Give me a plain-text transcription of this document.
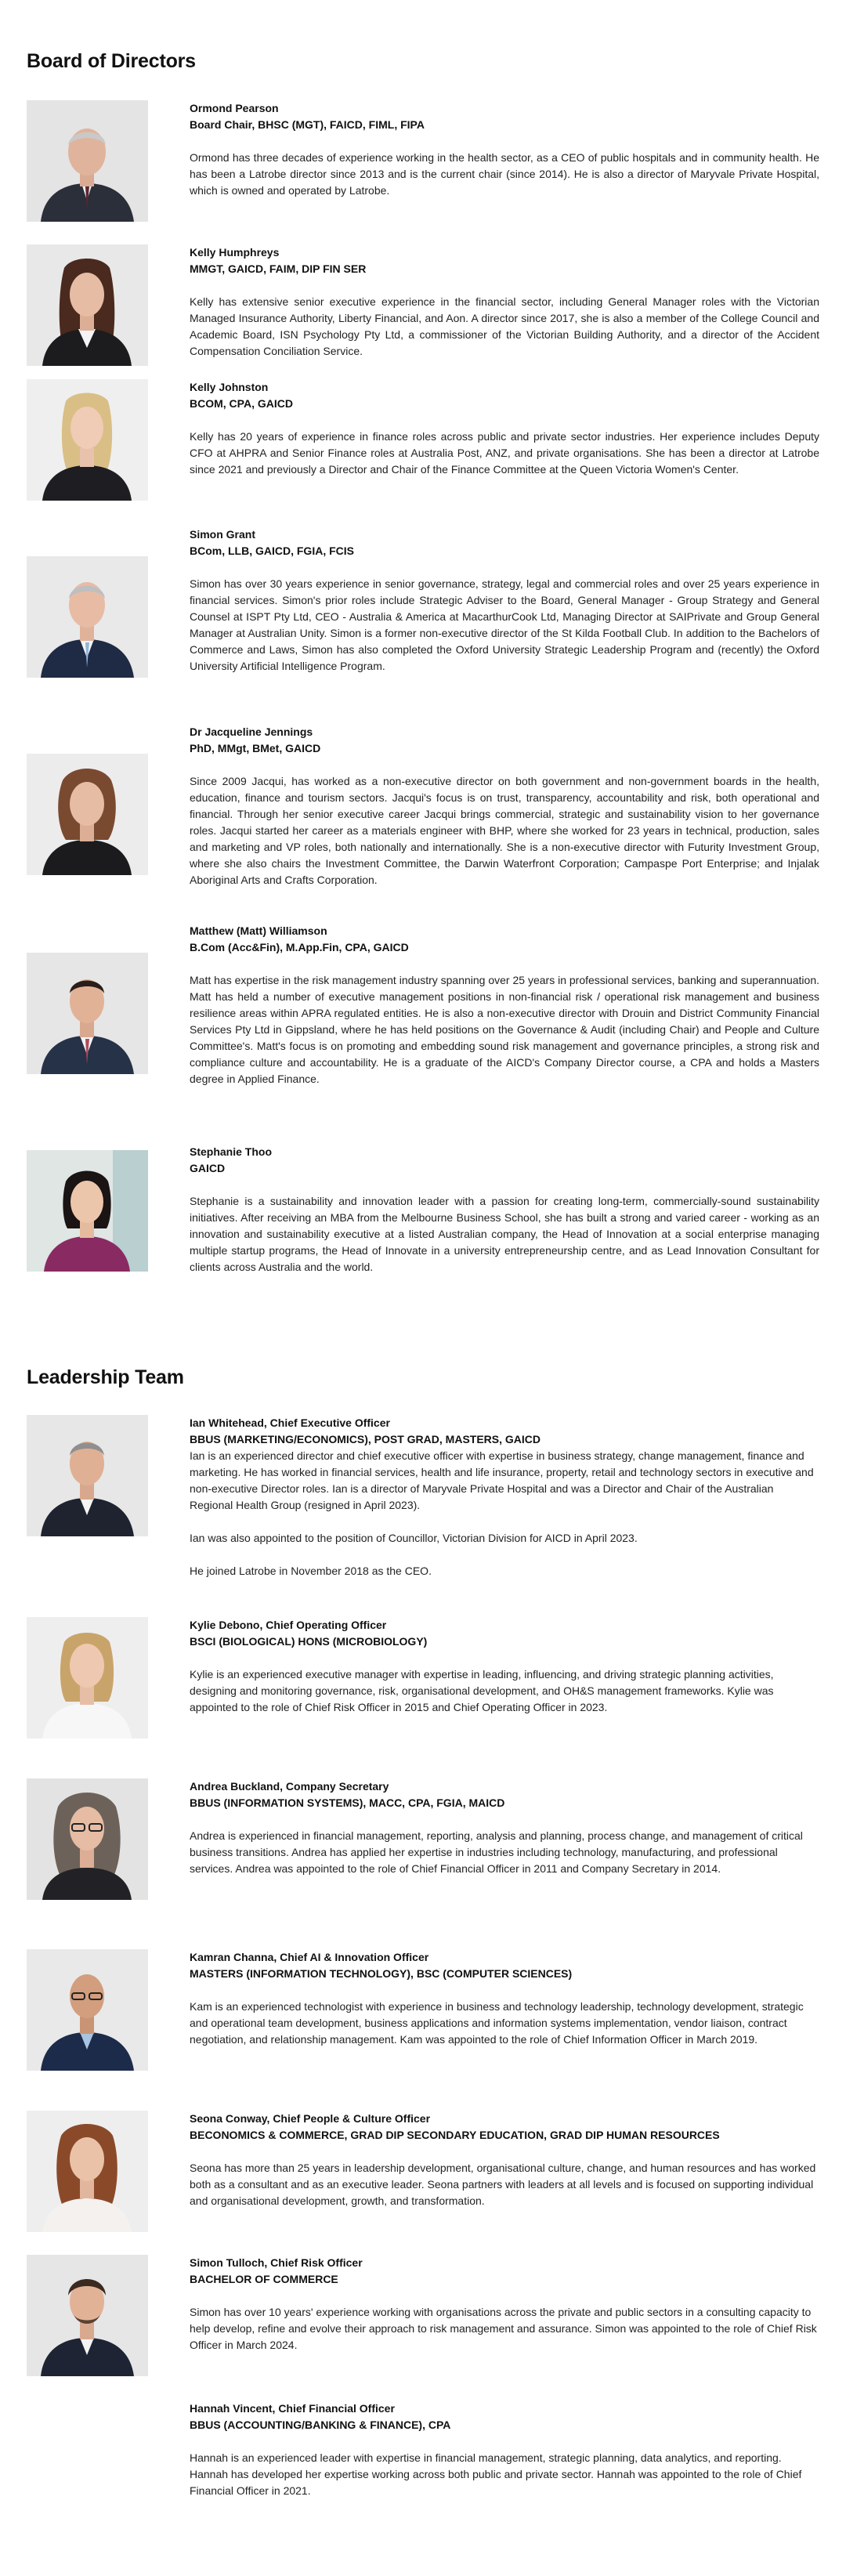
Board of Directors

Ormond Pearson

Board Chair, BHSC (MGT), FAICD, FIML, FIPA

Ormond has three decades of experience working in the health sector, as a CEO of public hospitals and in community health. He has been a Latrobe director since 2013 and is the current chair (since 2014). He is also a director of Maryvale Private Hospital, which is owned and operated by Latrobe.

Kelly Humphreys

MMGT, GAICD, FAIM, DIP FIN SER

Kelly has extensive senior executive experience in the financial sector, including General Manager roles with the Victorian Managed Insurance Authority, Liberty Financial, and Aon. A director since 2017, she is also a member of the College Council and Academic Board, ISN Psychology Pty Ltd, a commissioner of the Victorian Building Authority, and a director of the Accident Compensation Conciliation Service.

Kelly Johnston

BCOM, CPA, GAICD

Kelly has 20 years of experience in finance roles across public and private sector industries. Her experience includes Deputy CFO at AHPRA and Senior Finance roles at Australia Post, ANZ, and private organisations. She has been a director at Latrobe since 2021 and previously a Director and Chair of the Finance Committee at the Queen Victoria Women's Center.

Simon Grant

BCom, LLB, GAICD, FGIA, FCIS

Simon has over 30 years experience in senior governance, strategy, legal and commercial roles and over 25 years experience in financial services. Simon's prior roles include Strategic Adviser to the Board, General Manager - Group Strategy and General Counsel at ISPT Pty Ltd, CEO - Australia & America at MacarthurCook Ltd, Managing Director at SAIPrivate and Group General Manager at Australian Unity. Simon is a former non-executive director of the St Kilda Football Club. In addition to the Bachelors of Commerce and Laws, Simon has also completed the Oxford University Strategic Leadership Program and (recently) the Oxford University Artificial Intelligence Program.

Dr Jacqueline Jennings

PhD, MMgt, BMet, GAICD

Since 2009 Jacqui, has worked as a non-executive director on both government and non-government boards in the health, education, finance and tourism sectors. Jacqui's focus is on trust, transparency, accountability and risk, both operational and financial. Through her senior executive career Jacqui brings commercial, strategic and sustainability vision to her governance roles. Jacqui started her career as a materials engineer with BHP, where she worked for 23 years in technical, production, sales and marketing and VP roles, both nationally and internationally. She is a non-executive director with Futurity Investment Group, where she also chairs the Investment Committee, the Darwin Waterfront Corporation; Campaspe Port Enterprise; and Injalak Aboriginal Arts and Crafts Corporation.

Matthew (Matt) Williamson

B.Com (Acc&Fin), M.App.Fin, CPA, GAICD

Matt has expertise in the risk management industry spanning over 25 years in professional services, banking and superannuation. Matt has held a number of executive management positions in non-financial risk / operational risk management and business resilience areas within APRA regulated entities. He is also a non-executive director with Drouin and District Community Financial Services Pty Ltd in Gippsland, where he has held positions on the Governance & Audit (including Chair) and People and Culture Committee's. Matt's focus is on promoting and embedding sound risk management and governance principles, a strong risk and compliance culture and accountability. He is a graduate of the AICD's Company Director course, a CPA and holds a Masters degree in Applied Finance.

Stephanie Thoo

GAICD

Stephanie is a sustainability and innovation leader with a passion for creating long-term, commercially-sound sustainability initiatives. After receiving an MBA from the Melbourne Business School, she has built a strong and varied career - working as an innovation and sustainability executive at a listed Australian company, the Head of Innovation at a social enterprise managing multiple startup programs, the Head of Innovate in a university entrepreneurship centre, and as Lead Innovation Consultant for clients across Australia and the world.

Leadership Team

Ian Whitehead, Chief Executive Officer

BBUS (MARKETING/ECONOMICS), POST GRAD, MASTERS, GAICD

Ian is an experienced director and chief executive officer with expertise in business strategy, change management, finance and marketing. He has worked in financial services, health and life insurance, property, retail and technology sectors in executive and non-executive Director roles. Ian is a director of Maryvale Private Hospital and was a Director and Chair of the Australian Regional Health Group (resigned in April 2023).

Ian was also appointed to the position of Councillor, Victorian Division for AICD in April 2023.

He joined Latrobe in November 2018 as the CEO.

Kylie Debono, Chief Operating Officer

BSCI (BIOLOGICAL) HONS (MICROBIOLOGY)

Kylie is an experienced executive manager with expertise in leading, influencing, and driving strategic planning activities, designing and monitoring governance, risk, organisational development, and OH&S management frameworks. Kylie was appointed to the role of Chief Risk Officer in 2015 and Chief Operating Officer in 2023.

Andrea Buckland, Company Secretary

BBUS (INFORMATION SYSTEMS), MACC, CPA, FGIA, MAICD

Andrea is experienced in financial management, reporting, analysis and planning, process change, and management of critical business transitions. Andrea has applied her expertise in industries including technology, manufacturing, and professional services. Andrea was appointed to the role of Chief Financial Officer in 2011 and Company Secretary in 2014.

Kamran Channa, Chief AI & Innovation Officer

MASTERS (INFORMATION TECHNOLOGY), BSC (COMPUTER SCIENCES)

Kam is an experienced technologist with experience in business and technology leadership, technology development, strategic and operational team development, business applications and information systems implementation, vendor liaison, contract negotiation, and relationship management. Kam was appointed to the role of Chief Information Officer in March 2019.

Seona Conway, Chief People & Culture Officer

BECONOMICS & COMMERCE, GRAD DIP SECONDARY EDUCATION, GRAD DIP HUMAN RESOURCES

Seona has more than 25 years in leadership development, organisational culture, change, and human resources and has worked both as a consultant and as an executive leader. Seona partners with leaders at all levels and is focused on supporting individual and organisational development, growth, and transformation.

Simon Tulloch, Chief Risk Officer

BACHELOR OF COMMERCE

Simon has over 10 years' experience working with organisations across the private and public sectors in a consulting capacity to help develop, refine and evolve their approach to risk management and assurance. Simon was appointed to the role of Chief Risk Officer in March 2024.

Hannah Vincent, Chief Financial Officer

BBUS (ACCOUNTING/BANKING & FINANCE), CPA

Hannah is an experienced leader with expertise in financial management, strategic planning, data analytics, and reporting. Hannah has developed her expertise working across both public and private sector. Hannah was appointed to the role of Chief Financial Officer in 2021.
